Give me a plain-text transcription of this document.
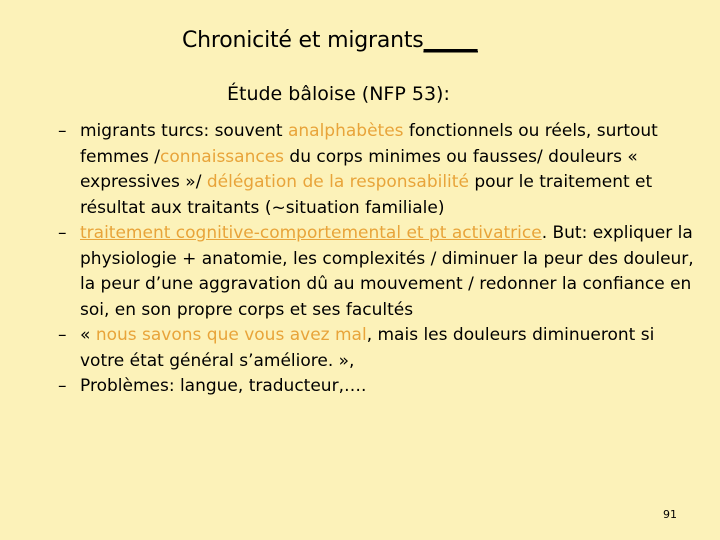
Chronicité et migrants_____
Étude bâloise (NFP 53):
– migrants turcs: souvent analphabètes fonctionnels ou réels, surtout femmes /connaissances du corps minimes ou fausses/ douleurs « expressives »/ délégation de la responsabilité pour le traitement et résultat aux traitants (~situation familiale)
– traitement cognitive-comportemental et pt activatrice. But: expliquer la physiologie + anatomie, les complexités / diminuer la peur des douleur, la peur d’une aggravation dû au mouvement / redonner la confiance en soi, en son propre corps et ses facultés
– « nous savons que vous avez mal, mais les douleurs diminueront si votre état général s’améliore. »,
– Problèmes: langue, traducteur,….
91
